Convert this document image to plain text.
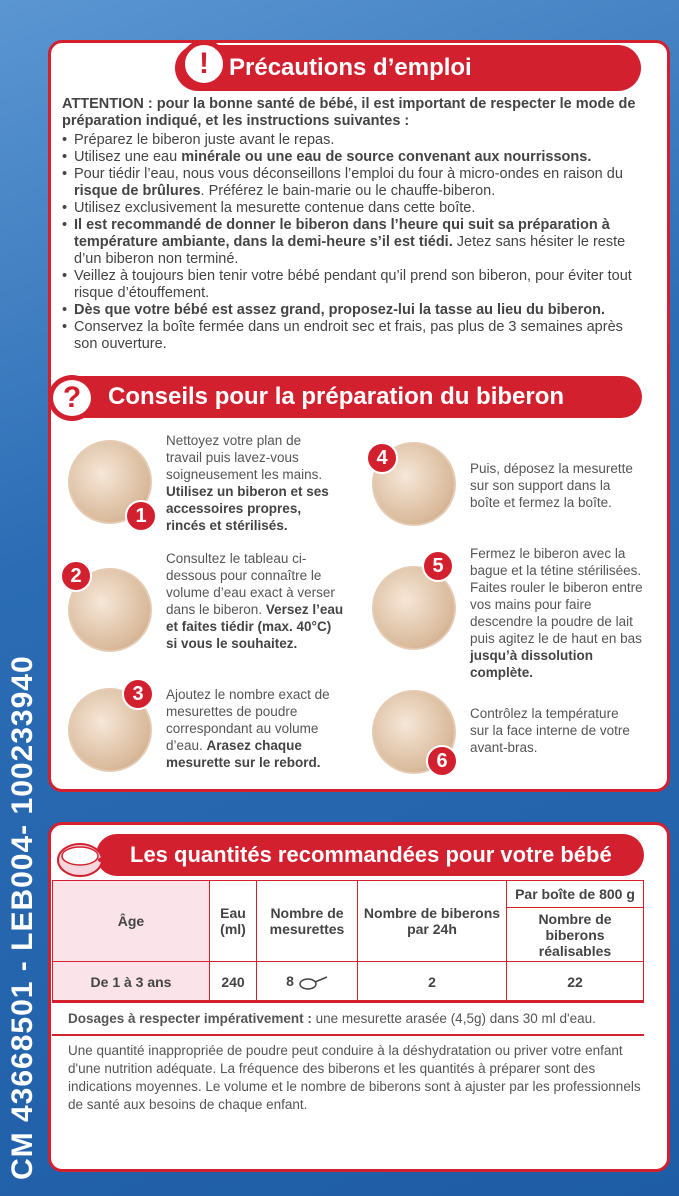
CM 43668501 - LEB004- 100233940
Précautions d’emploi
!
ATTENTION : pour la bonne santé de bébé, il est important de respecter le mode de préparation indiqué, et les instructions suivantes :
• Préparez le biberon juste avant le repas.
• Utilisez une eau minérale ou une eau de source convenant aux nourrissons.
• Pour tiédir l’eau, nous vous déconseillons l’emploi du four à micro-ondes en raison du risque de brûlures. Préférez le bain-marie ou le chauffe-biberon.
• Utilisez exclusivement la mesurette contenue dans cette boîte.
• Il est recommandé de donner le biberon dans l’heure qui suit sa préparation à température ambiante, dans la demi-heure s’il est tiédi. Jetez sans hésiter le reste d’un biberon non terminé.
• Veillez à toujours bien tenir votre bébé pendant qu’il prend son biberon, pour éviter tout risque d’étouffement.
• Dès que votre bébé est assez grand, proposez-lui la tasse au lieu du biberon.
• Conservez la boîte fermée dans un endroit sec et frais, pas plus de 3 semaines après son ouverture.
Conseils pour la préparation du biberon
?
1
Nettoyez votre plan de travail puis lavez-vous soigneusement les mains. Utilisez un biberon et ses accessoires propres, rincés et stérilisés.
2
Consultez le tableau ci-dessous pour connaître le volume d’eau exact à verser dans le biberon. Versez l’eau et faites tiédir (max. 40°C) si vous le souhaitez.
3	Ajoutez le nombre exact de mesurettes de poudre correspondant au volume d’eau. Arasez chaque mesurette sur le rebord.
4	Puis, déposez la mesurette sur son support dans la boîte et fermez la boîte.
5
Fermez le biberon avec la bague et la tétine stérilisées. Faites rouler le biberon entre vos mains pour faire descendre la poudre de lait puis agitez le de haut en bas jusqu’à dissolution complète.
6
Contrôlez la température sur la face interne de votre avant-bras.
Les quantités recommandées pour votre bébé
Âge	Eau (ml)	Nombre de mesurettes	Nombre de biberons par 24h	Par boîte de 800 g
				Nombre de biberons réalisables
De 1 à 3 ans	240	8	2	22
Dosages à respecter impérativement : une mesurette arasée (4,5g) dans 30 ml d'eau.
Une quantité inappropriée de poudre peut conduire à la déshydratation ou priver votre enfant d'une nutrition adéquate. La fréquence des biberons et les quantités à préparer sont des indications moyennes. Le volume et le nombre de biberons sont à ajuster par les professionnels de santé aux besoins de chaque enfant.
